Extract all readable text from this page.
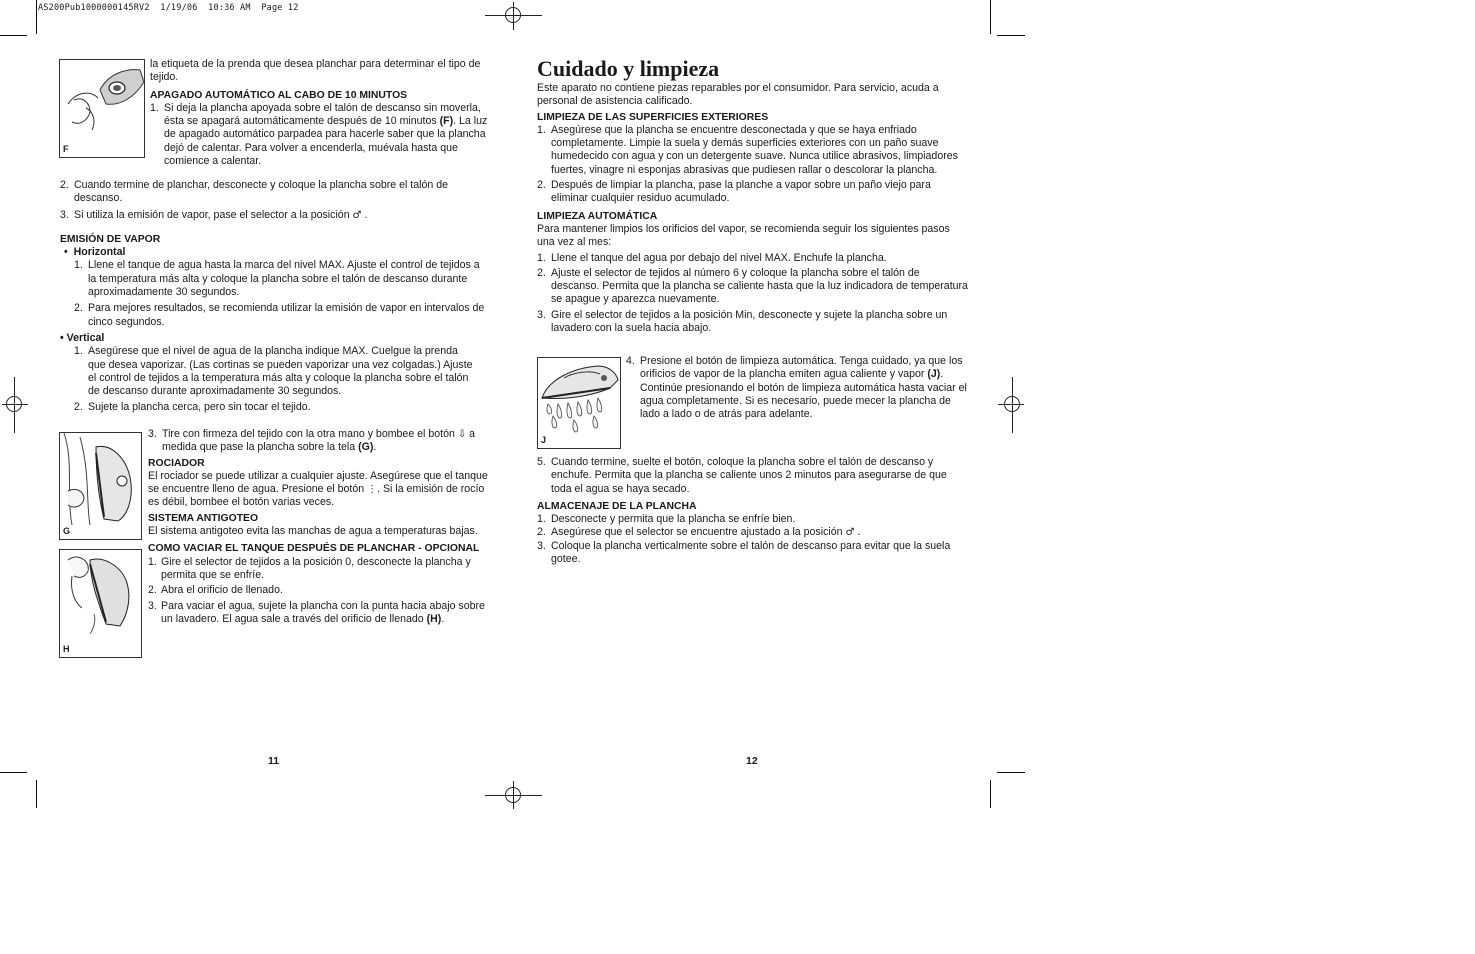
AS200Pub1000000145RV2  1/19/06  10:36 AM  Page 12
F

la etiqueta de la prenda que desea planchar para determinar el tipo de tejido.

APAGADO AUTOMÁTICO AL CABO DE 10 MINUTOS

1. Si deja la plancha apoyada sobre el talón de descanso sin moverla, ésta se apagará automáticamente después de 10 minutos (F). La luz de apagado automático parpadea para hacerle saber que la plancha dejó de calentar. Para volver a encenderla, muévala hasta que comience a calentar.

2. Cuando termine de planchar, desconecte y coloque la plancha sobre el talón de descanso.

3. Si utiliza la emisión de vapor, pase el selector a la posición ♂ .

EMISIÓN DE VAPOR

•  Horizontal

1. Llene el tanque de agua hasta la marca del nivel MAX. Ajuste el control de tejidos a la temperatura más alta y coloque la plancha sobre el talón de descanso durante aproximadamente 30 segundos.

2. Para mejores resultados, se recomienda utilizar la emisión de vapor en intervalos de cinco segundos.

• Vertical

1. Asegúrese que el nivel de agua de la plancha indique MAX. Cuelgue la prenda que desea vaporizar. (Las cortinas se pueden vaporizar una vez colgadas.) Ajuste el control de tejidos a la temperatura más alta y coloque la plancha sobre el talón de descanso durante aproximadamente 30 segundos.

2. Sujete la plancha cerca, pero sin tocar el tejido.

G

3. Tire con firmeza del tejido con la otra mano y bombee el botón ⇩ a medida que pase la plancha sobre la tela (G).

ROCIADOR

El rociador se puede utilizar a cualquier ajuste. Asegúrese que el tanque se encuentre lleno de agua. Presione el botón ⋮. Si la emisión de rocío es débil, bombee el botón varias veces.

SISTEMA ANTIGOTEO

El sistema antigoteo evita las manchas de agua a temperaturas bajas.

COMO VACIAR EL TANQUE DESPUÉS DE PLANCHAR - OPCIONAL

1. Gire el selector de tejidos a la posición 0, desconecte la plancha y permita que se enfríe.

2. Abra el orificio de llenado.

3. Para vaciar el agua, sujete la plancha con la punta hacia abajo sobre un lavadero. El agua sale a través del orificio de llenado (H).

H
11
Cuidado y limpieza

Este aparato no contiene piezas reparables por el consumidor. Para servicio, acuda a personal de asistencia calificado.

LIMPIEZA DE LAS SUPERFICIES EXTERIORES

1. Asegúrese que la plancha se encuentre desconectada y que se haya enfriado completamente. Limpie la suela y demás superficies exteriores con un paño suave humedecido con agua y con un detergente suave. Nunca utilice abrasivos, limpiadores fuertes, vinagre ni esponjas abrasivas que pudiesen rallar o descolorar la plancha.

2. Después de limpiar la plancha, pase la planche a vapor sobre un paño viejo para eliminar cualquier residuo acumulado.

LIMPIEZA AUTOMÁTICA

Para mantener limpios los orificios del vapor, se recomienda seguir los siguientes pasos una vez al mes:

1. Llene el tanque del agua por debajo del nivel MAX. Enchufe la plancha.

2. Ajuste el selector de tejidos al número 6 y coloque la plancha sobre el talón de descanso. Permita que la plancha se caliente hasta que la luz indicadora de temperatura se apague y aparezca nuevamente.

3. Gire el selector de tejidos a la posición Min, desconecte y sujete la plancha sobre un lavadero con la suela hacia abajo.

J

4. Presione el botón de limpieza automática. Tenga cuidado, ya que los orificios de vapor de la plancha emiten agua caliente y vapor (J). Continúe presionando el botón de limpieza automática hasta vaciar el agua completamente. Si es necesario, puede mecer la plancha de lado a lado o de atrás para adelante.

5. Cuando termine, suelte el botón, coloque la plancha sobre el talón de descanso y enchufe. Permita que la plancha se caliente unos 2 minutos para asegurarse de que toda el agua se haya secado.

ALMACENAJE DE LA PLANCHA

1. Desconecte y permita que la plancha se enfríe bien.

2. Asegúrese que el selector se encuentre ajustado a la posición ♂ .

3. Coloque la plancha verticalmente sobre el talón de descanso para evitar que la suela gotee.

12
